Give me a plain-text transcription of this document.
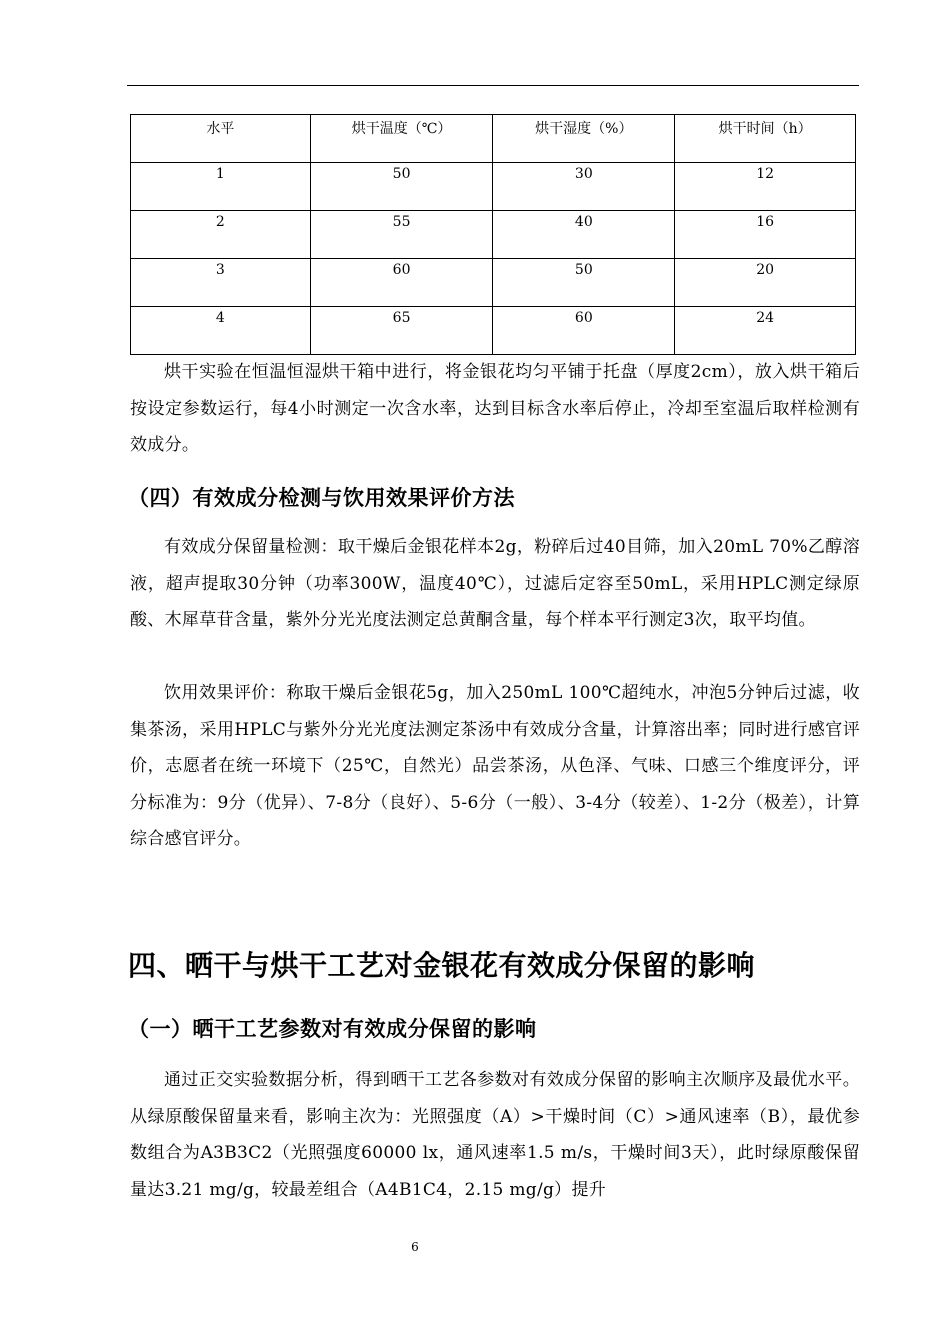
水平	烘干温度（℃）	烘干湿度（%）	烘干时间（h）
1	50	30	12
2	55	40	16
3	60	50	20
4	65	60	24

烘干实验在恒温恒湿烘干箱中进行，将金银花均匀平铺于托盘（厚度2cm），放入烘干箱后按设定参数运行，每4小时测定一次含水率，达到目标含水率后停止，冷却至室温后取样检测有效成分。

（四）有效成分检测与饮用效果评价方法

有效成分保留量检测：取干燥后金银花样本2g，粉碎后过40目筛，加入20mL 70%乙醇溶液，超声提取30分钟（功率300W，温度40℃），过滤后定容至50mL，采用HPLC测定绿原酸、木犀草苷含量，紫外分光光度法测定总黄酮含量，每个样本平行测定3次，取平均值。

饮用效果评价：称取干燥后金银花5g，加入250mL 100℃超纯水，冲泡5分钟后过滤，收集茶汤，采用HPLC与紫外分光光度法测定茶汤中有效成分含量，计算溶出率；同时进行感官评价，志愿者在统一环境下（25℃，自然光）品尝茶汤，从色泽、气味、口感三个维度评分，评分标准为：9分（优异）、7-8分（良好）、5-6分（一般）、3-4分（较差）、1-2分（极差），计算综合感官评分。

四、晒干与烘干工艺对金银花有效成分保留的影响
（一）晒干工艺参数对有效成分保留的影响

通过正交实验数据分析，得到晒干工艺各参数对有效成分保留的影响主次顺序及最优水平。从绿原酸保留量来看，影响主次为：光照强度（A）>干燥时间（C）>通风速率（B），最优参数组合为A3B3C2（光照强度60000 lx，通风速率1.5 m/s，干燥时间3天），此时绿原酸保留量达3.21 mg/g，较最差组合（A4B1C4，2.15 mg/g）提升

6
